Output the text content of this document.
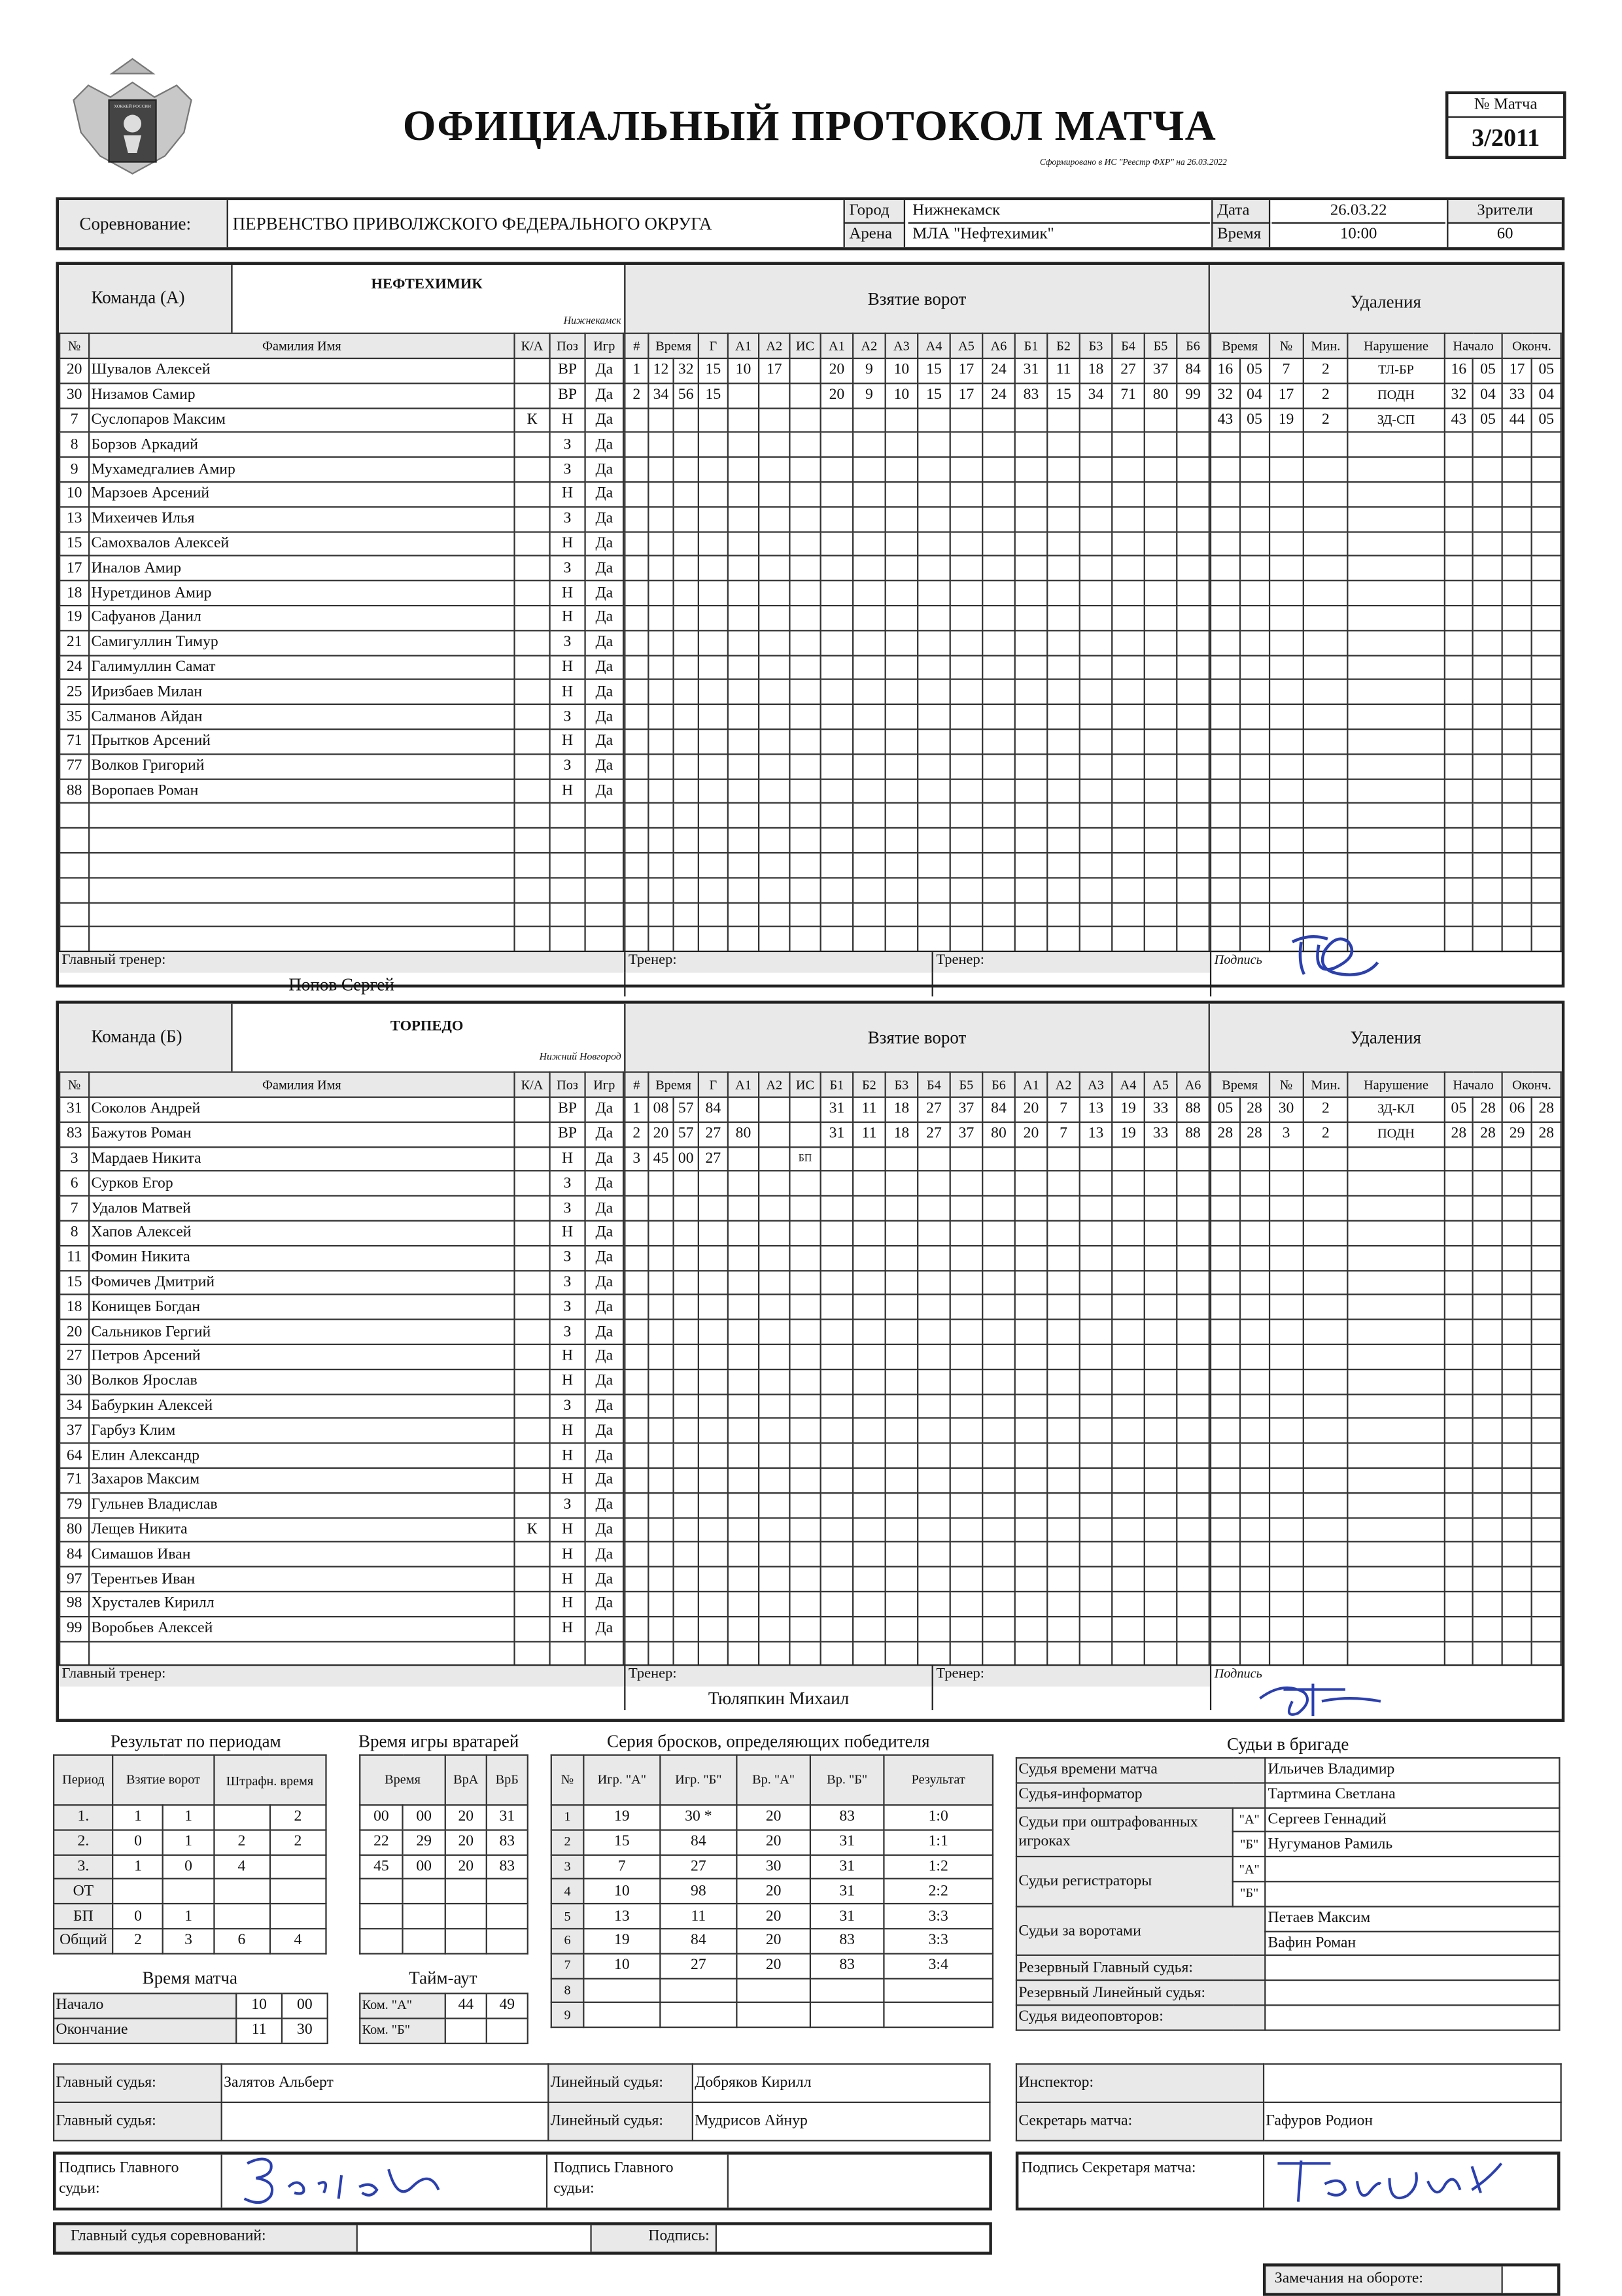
ХОККЕЙ РОССИИ	ОФИЦИАЛЬНЫЙ ПРОТОКОЛ МАТЧА
Сформировано в ИС "Реестр ФХР" на 26.03.2022
№ Матча
3/2011
Соревнование:	ПЕРВЕНСТВО ПРИВОЛЖСКОГО ФЕДЕРАЛЬНОГО ОКРУГА
Город	Нижнекамск
Арена	МЛА "Нефтехимик"
Дата	26.03.22
Время	10:00
Зрители
60
Команда (А)
НЕФТЕХИМИК
Нижнекамск
Взятие ворот	Удаления
№	Фамилия Имя	К/А	Поз	Игр
20	Шувалов Алексей		ВР	Да
30	Низамов Самир		ВР	Да
7	Суслопаров Максим	К	Н	Да
8	Борзов Аркадий		З	Да
9	Мухамедгалиев Амир		З	Да
10	Марзоев Арсений		Н	Да
13	Михеичев Илья		З	Да
15	Самохвалов Алексей		Н	Да
17	Иналов Амир		З	Да
18	Нуретдинов Амир		Н	Да
19	Сафуанов Данил		Н	Да
21	Самигуллин Тимур		З	Да
24	Галимуллин Самат		Н	Да
25	Иризбаев Милан		Н	Да
35	Салманов Айдан		З	Да
71	Прытков Арсений		Н	Да
77	Волков Григорий		З	Да
88	Воропаев Роман		Н	Да

#	Время		Г	А1	А2	ИС	А1	А2	А3	А4	А5	А6	Б1	Б2	Б3	Б4	Б5	Б6
1	12	32	15	10	17		20	9	10	15	17	24	31	11	18	27	37	84
2	34	56	15				20	9	10	15	17	24	83	15	34	71	80	99

Время		№	Мин.	Нарушение	Начало		Оконч.	
16	05	7	2	ТЛ-БР	16	05	17	05
32	04	17	2	ПОДН	32	04	33	04
43	05	19	2	ЗД-СП	43	05	44	05

Главный тренер:
Попов Сергей
Тренер:	Тренер:	Подпись
Команда (Б)	ТОРПЕДО
Нижний Новгород
Взятие ворот	Удаления
№	Фамилия Имя	К/А	Поз	Игр
31	Соколов Андрей		ВР	Да
83	Бажутов Роман		ВР	Да
3	Мардаев Никита		Н	Да
6	Сурков Егор		З	Да
7	Удалов Матвей		З	Да
8	Хапов Алексей		Н	Да
11	Фомин Никита		З	Да
15	Фомичев Дмитрий		З	Да
18	Конищев Богдан		З	Да
20	Сальников Гергий		З	Да
27	Петров Арсений		Н	Да
30	Волков Ярослав		Н	Да
34	Бабуркин Алексей		З	Да
37	Гарбуз Клим		Н	Да
64	Елин Александр		Н	Да
71	Захаров Максим		Н	Да
79	Гульнев Владислав		З	Да
80	Лещев Никита	К	Н	Да
84	Симашов Иван		Н	Да
97	Терентьев Иван		Н	Да
98	Хрусталев Кирилл		Н	Да
99	Воробьев Алексей		Н	Да

#	Время		Г	А1	А2	ИС	Б1	Б2	Б3	Б4	Б5	Б6	А1	А2	А3	А4	А5	А6
1	08	57	84				31	11	18	27	37	84	20	7	13	19	33	88
2	20	57	27	80			31	11	18	27	37	80	20	7	13	19	33	88
3	45	00	27			БП												

Время		№	Мин.	Нарушение	Начало		Оконч.	
05	28	30	2	ЗД-КЛ	05	28	06	28
28	28	3	2	ПОДН	28	28	29	28

Главный тренер:	Тренер:
Тюляпкин Михаил
Тренер:	Подпись
Результат по периодам
Период	Взятие ворот		Штрафн. время	
1.	1	1		2
2.	0	1	2	2
3.	1	0	4	
ОТ				
БП	0	1		
Общий	2	3	6	4
Время игры вратарей
Время		ВрА	ВрБ
00	00	20	31
22	29	20	83
45	00	20	83

Время матча
Начало	10	00
Окончание	11	30
Тайм-аут
Ком. "А"	44	49
Ком. "Б"		
Серия бросков, определяющих победителя
№	Игр. "А"	Игр. "Б"	Вр. "А"	Вр. "Б"	Результат
1	19	30 *	20	83	1:0
2	15	84	20	31	1:1
3	7	27	30	31	1:2
4	10	98	20	31	2:2
5	13	11	20	31	3:3
6	19	84	20	83	3:3
7	10	27	20	83	3:4
8					
9					
Судьи в бригаде
Судья времени матча		Ильичев Владимир
Судья-информатор		Тартмина Светлана
Судьи при оштрафованных игроках	"А"	Сергеев Геннадий
	"Б"	Нугуманов Рамиль
Судьи регистраторы	"А"	
	"Б"	
Судьи за воротами		Петаев Максим
		Вафин Роман
Резервный Главный судья:		
Резервный Линейный судья:		
Судья видеоповторов:		
Главный судья:	Залятов Альберт	Линейный судья:	Добряков Кирилл
Главный судья:		Линейный судья:	Мудрисов Айнур
Инспектор:	
Секретарь матча:	Гафуров Родион
Подпись Главного судьи:
Подпись Главного судьи:
Подпись Секретаря матча:
Главный судья соревнований:	Подпись:
Замечания на обороте:
